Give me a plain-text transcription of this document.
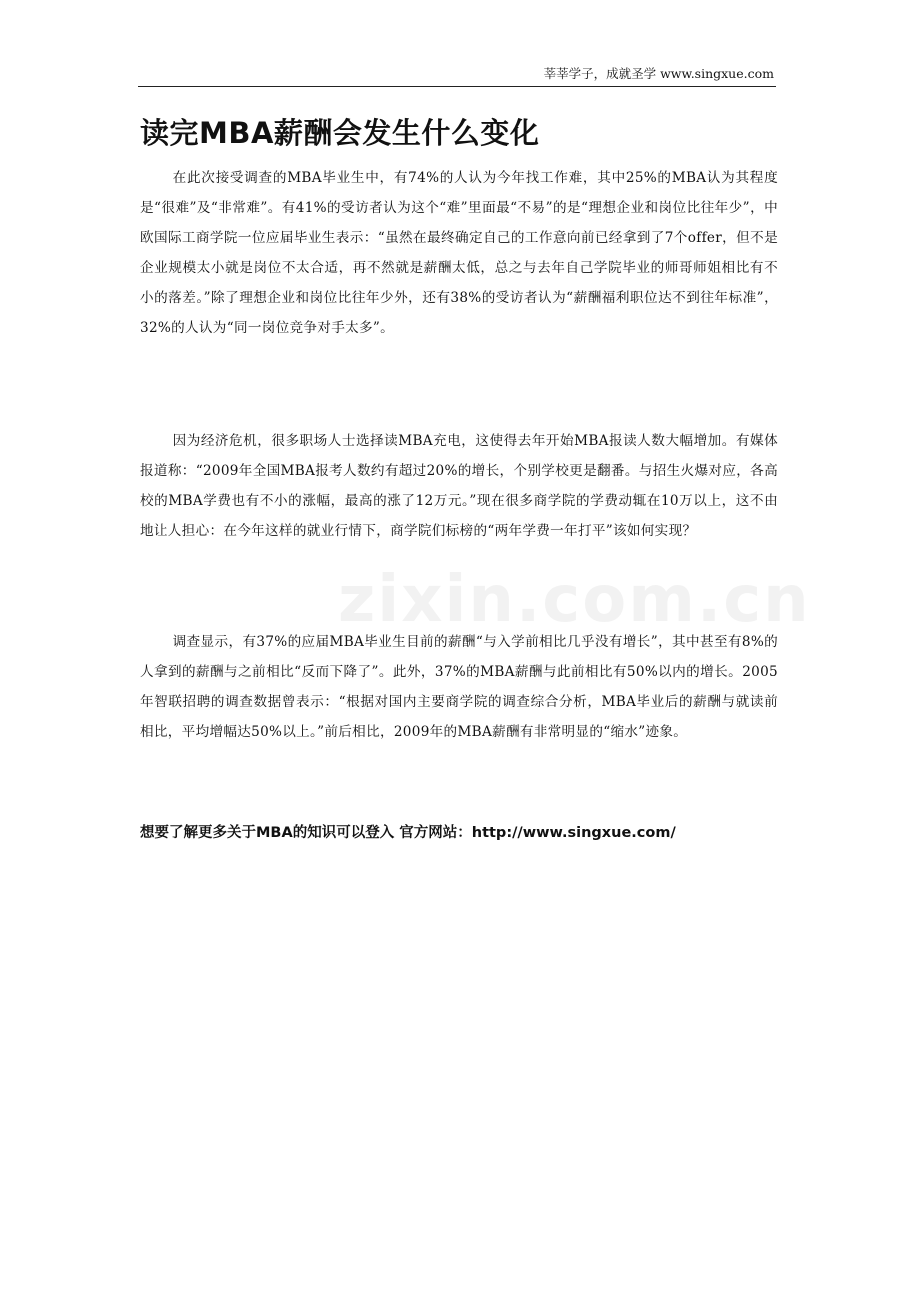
莘莘学子，成就圣学 www.singxue.com
读完MBA薪酬会发生什么变化

在此次接受调查的MBA毕业生中，有74%的人认为今年找工作难，其中25%的MBA认为其程度是“很难”及“非常难”。有41%的受访者认为这个“难”里面最“不易”的是“理想企业和岗位比往年少”，中欧国际工商学院一位应届毕业生表示：“虽然在最终确定自己的工作意向前已经拿到了7个offer，但不是企业规模太小就是岗位不太合适，再不然就是薪酬太低，总之与去年自己学院毕业的师哥师姐相比有不小的落差。”除了理想企业和岗位比往年少外，还有38%的受访者认为“薪酬福利职位达不到往年标准”，32%的人认为“同一岗位竞争对手太多”。

因为经济危机，很多职场人士选择读MBA充电，这使得去年开始MBA报读人数大幅增加。有媒体报道称：“2009年全国MBA报考人数约有超过20%的增长，个别学校更是翻番。与招生火爆对应，各高校的MBA学费也有不小的涨幅，最高的涨了12万元。”现在很多商学院的学费动辄在10万以上，这不由地让人担心：在今年这样的就业行情下，商学院们标榜的“两年学费一年打平”该如何实现？

调查显示，有37%的应届MBA毕业生目前的薪酬“与入学前相比几乎没有增长”，其中甚至有8%的人拿到的薪酬与之前相比“反而下降了”。此外，37%的MBA薪酬与此前相比有50%以内的增长。2005年智联招聘的调查数据曾表示：“根据对国内主要商学院的调查综合分析，MBA毕业后的薪酬与就读前相比，平均增幅达50%以上。”前后相比，2009年的MBA薪酬有非常明显的“缩水”迹象。

zixin.com.cn

想要了解更多关于MBA的知识可以登入 官方网站：http://www.singxue.com/
